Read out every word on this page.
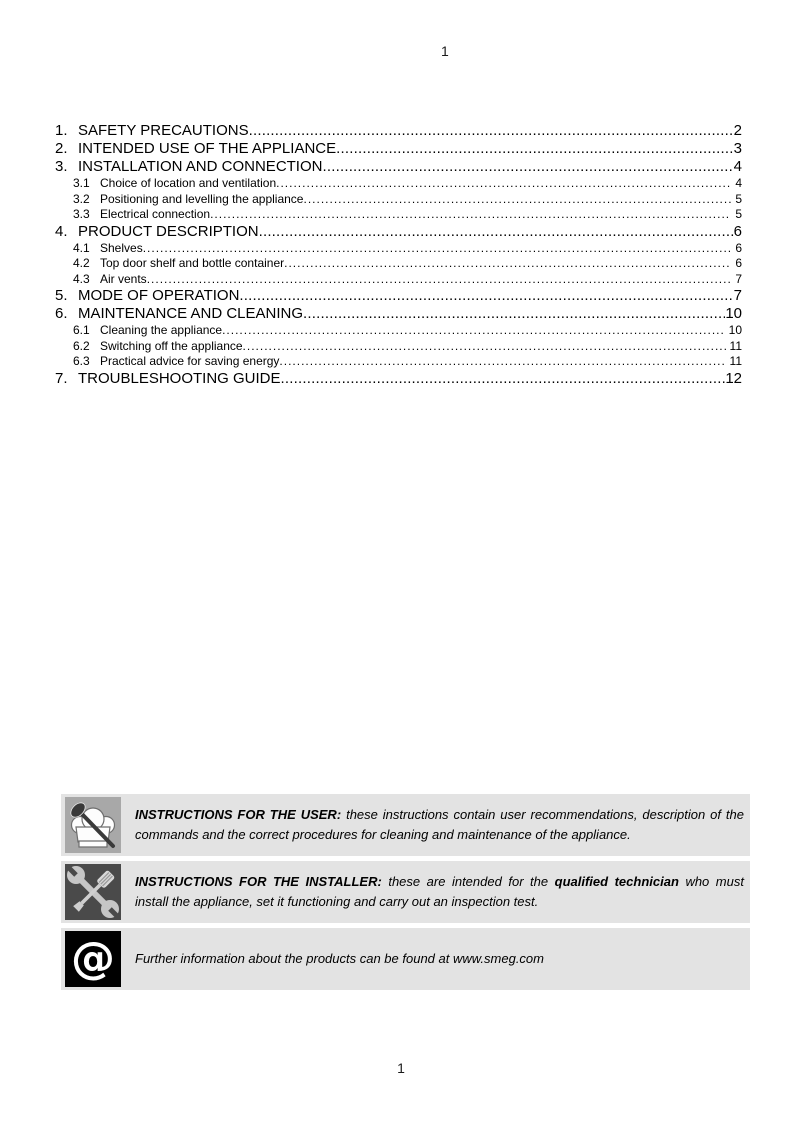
1
1. SAFETY PRECAUTIONS .....	2
2. INTENDED USE OF THE APPLIANCE .....	3
3. INSTALLATION AND CONNECTION .....	4
3.1 Choice of location and ventilation .....	4
3.2 Positioning and levelling the appliance .....	5
3.3 Electrical connection .....	5
4. PRODUCT DESCRIPTION .....	6
4.1 Shelves .....	6
4.2 Top door shelf and bottle container .....	6
4.3 Air vents .....	7
5. MODE OF OPERATION .....	7
6. MAINTENANCE AND CLEANING .....	10
6.1 Cleaning the appliance .....	10
6.2 Switching off the appliance .....	11
6.3 Practical advice for saving energy .....	11
7. TROUBLESHOOTING GUIDE .....	12

INSTRUCTIONS FOR THE USER: these instructions contain user recommendations, description of the commands and the correct procedures for cleaning and maintenance of the appliance.

INSTRUCTIONS FOR THE INSTALLER: these are intended for the qualified technician who must install the appliance, set it functioning and carry out an inspection test.

@ Further information about the products can be found at www.smeg.com

1
